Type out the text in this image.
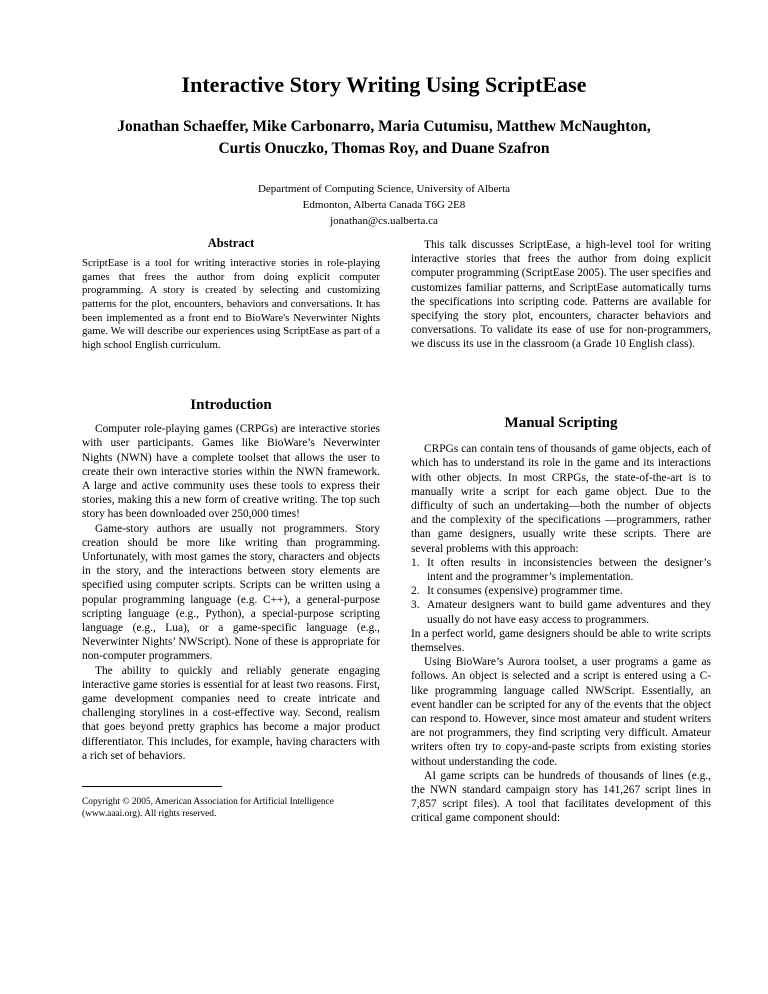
Interactive Story Writing Using ScriptEase
Jonathan Schaeffer, Mike Carbonarro, Maria Cutumisu, Matthew McNaughton,
Curtis Onuczko, Thomas Roy, and Duane Szafron
Department of Computing Science, University of Alberta
Edmonton, Alberta Canada T6G 2E8
jonathan@cs.ualberta.ca

Abstract

ScriptEase is a tool for writing interactive stories in role-playing games that frees the author from doing explicit computer programming. A story is created by selecting and customizing patterns for the plot, encounters, behaviors and conversations. It has been implemented as a front end to BioWare's Neverwinter Nights game. We will describe our experiences using ScriptEase as part of a high school English curriculum.

Introduction

Computer role-playing games (CRPGs) are interactive stories with user participants. Games like BioWare’s Neverwinter Nights (NWN) have a complete toolset that allows the user to create their own interactive stories within the NWN framework. A large and active community uses these tools to express their stories, making this a new form of creative writing. The top such story has been downloaded over 250,000 times!

Game-story authors are usually not programmers. Story creation should be more like writing than programming. Unfortunately, with most games the story, characters and objects in the story, and the interactions between story elements are specified using computer scripts. Scripts can be written using a popular programming language (e.g. C++), a general-purpose scripting language (e.g., Python), a special-purpose scripting language (e.g., Lua), or a game-specific language (e.g., Neverwinter Nights’ NWScript). None of these is appropriate for non-computer programmers.

The ability to quickly and reliably generate engaging interactive game stories is essential for at least two reasons. First, game development companies need to create intricate and challenging storylines in a cost-effective way. Second, realism that goes beyond pretty graphics has become a major product differentiator. This includes, for example, having characters with a rich set of behaviors.

Copyright © 2005, American Association for Artificial Intelligence
(www.aaai.org). All rights reserved.

This talk discusses ScriptEase, a high-level tool for writing interactive stories that frees the author from doing explicit computer programming (ScriptEase 2005). The user specifies and customizes familiar patterns, and ScriptEase automatically turns the specifications into scripting code. Patterns are available for specifying the story plot, encounters, character behaviors and conversations. To validate its ease of use for non-programmers, we discuss its use in the classroom (a Grade 10 English class).

Manual Scripting

CRPGs can contain tens of thousands of game objects, each of which has to understand its role in the game and its interactions with other objects. In most CRPGs, the state-of-the-art is to manually write a script for each game object. Due to the difficulty of such an undertaking—both the number of objects and the complexity of the specifications —programmers, rather than game designers, usually write these scripts. There are several problems with this approach:

1. It often results in inconsistencies between the designer’s intent and the programmer’s implementation.
2. It consumes (expensive) programmer time.
3. Amateur designers want to build game adventures and they usually do not have easy access to programmers.

In a perfect world, game designers should be able to write scripts themselves.

Using BioWare’s Aurora toolset, a user programs a game as follows. An object is selected and a script is entered using a C-like programming language called NWScript. Essentially, an event handler can be scripted for any of the events that the object can respond to. However, since most amateur and student writers are not programmers, they find scripting very difficult. Amateur writers often try to copy-and-paste scripts from existing stories without understanding the code.

AI game scripts can be hundreds of thousands of lines (e.g., the NWN standard campaign story has 141,267 script lines in 7,857 script files). A tool that facilitates development of this critical game component should:
